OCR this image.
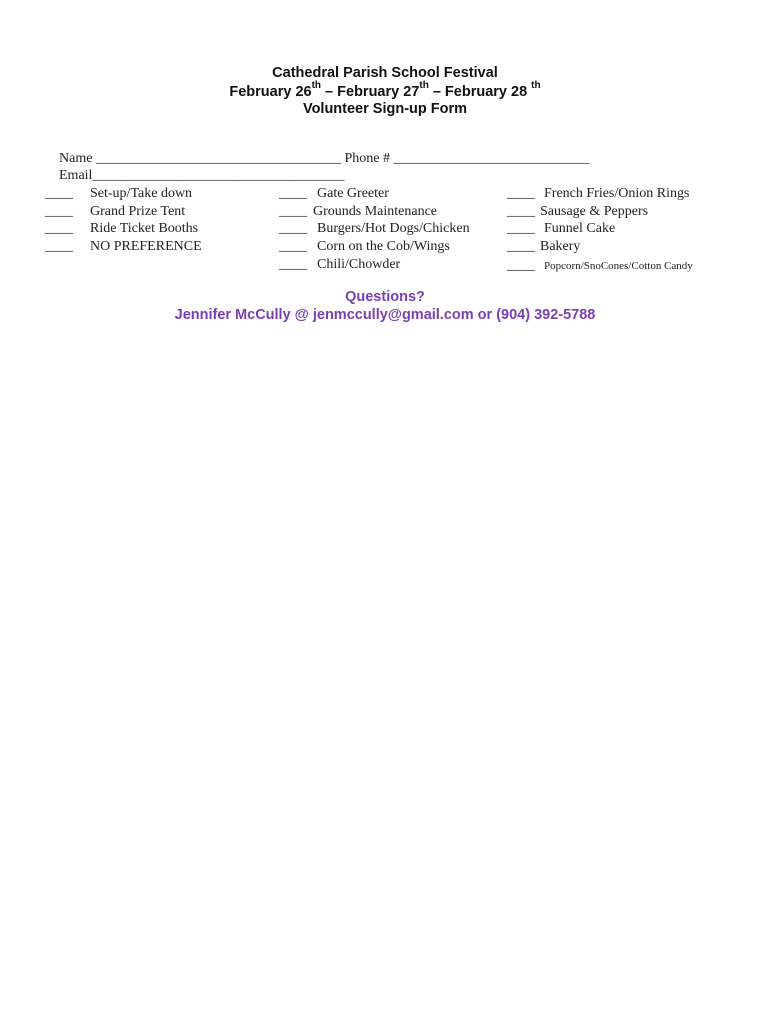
Cathedral Parish School Festival
February 26th – February 27th – February 28 $^{th}$
Volunteer Sign-up Form

Name ___________________________________ Phone # ____________________________

Email____________________________________

____ Set-up/Take down
____ Grand Prize Tent
____ Ride Ticket Booths
____ NO PREFERENCE
____ Gate Greeter
____ Grounds Maintenance
____ Burgers/Hot Dogs/Chicken
____ Corn on the Cob/Wings
____ Chili/Chowder
____ French Fries/Onion Rings
____ Sausage & Peppers
____ Funnel Cake
____ Bakery
____ Popcorn/SnoCones/Cotton Candy
Questions?
Jennifer McCully @ jenmccully@gmail.com or (904) 392-5788
